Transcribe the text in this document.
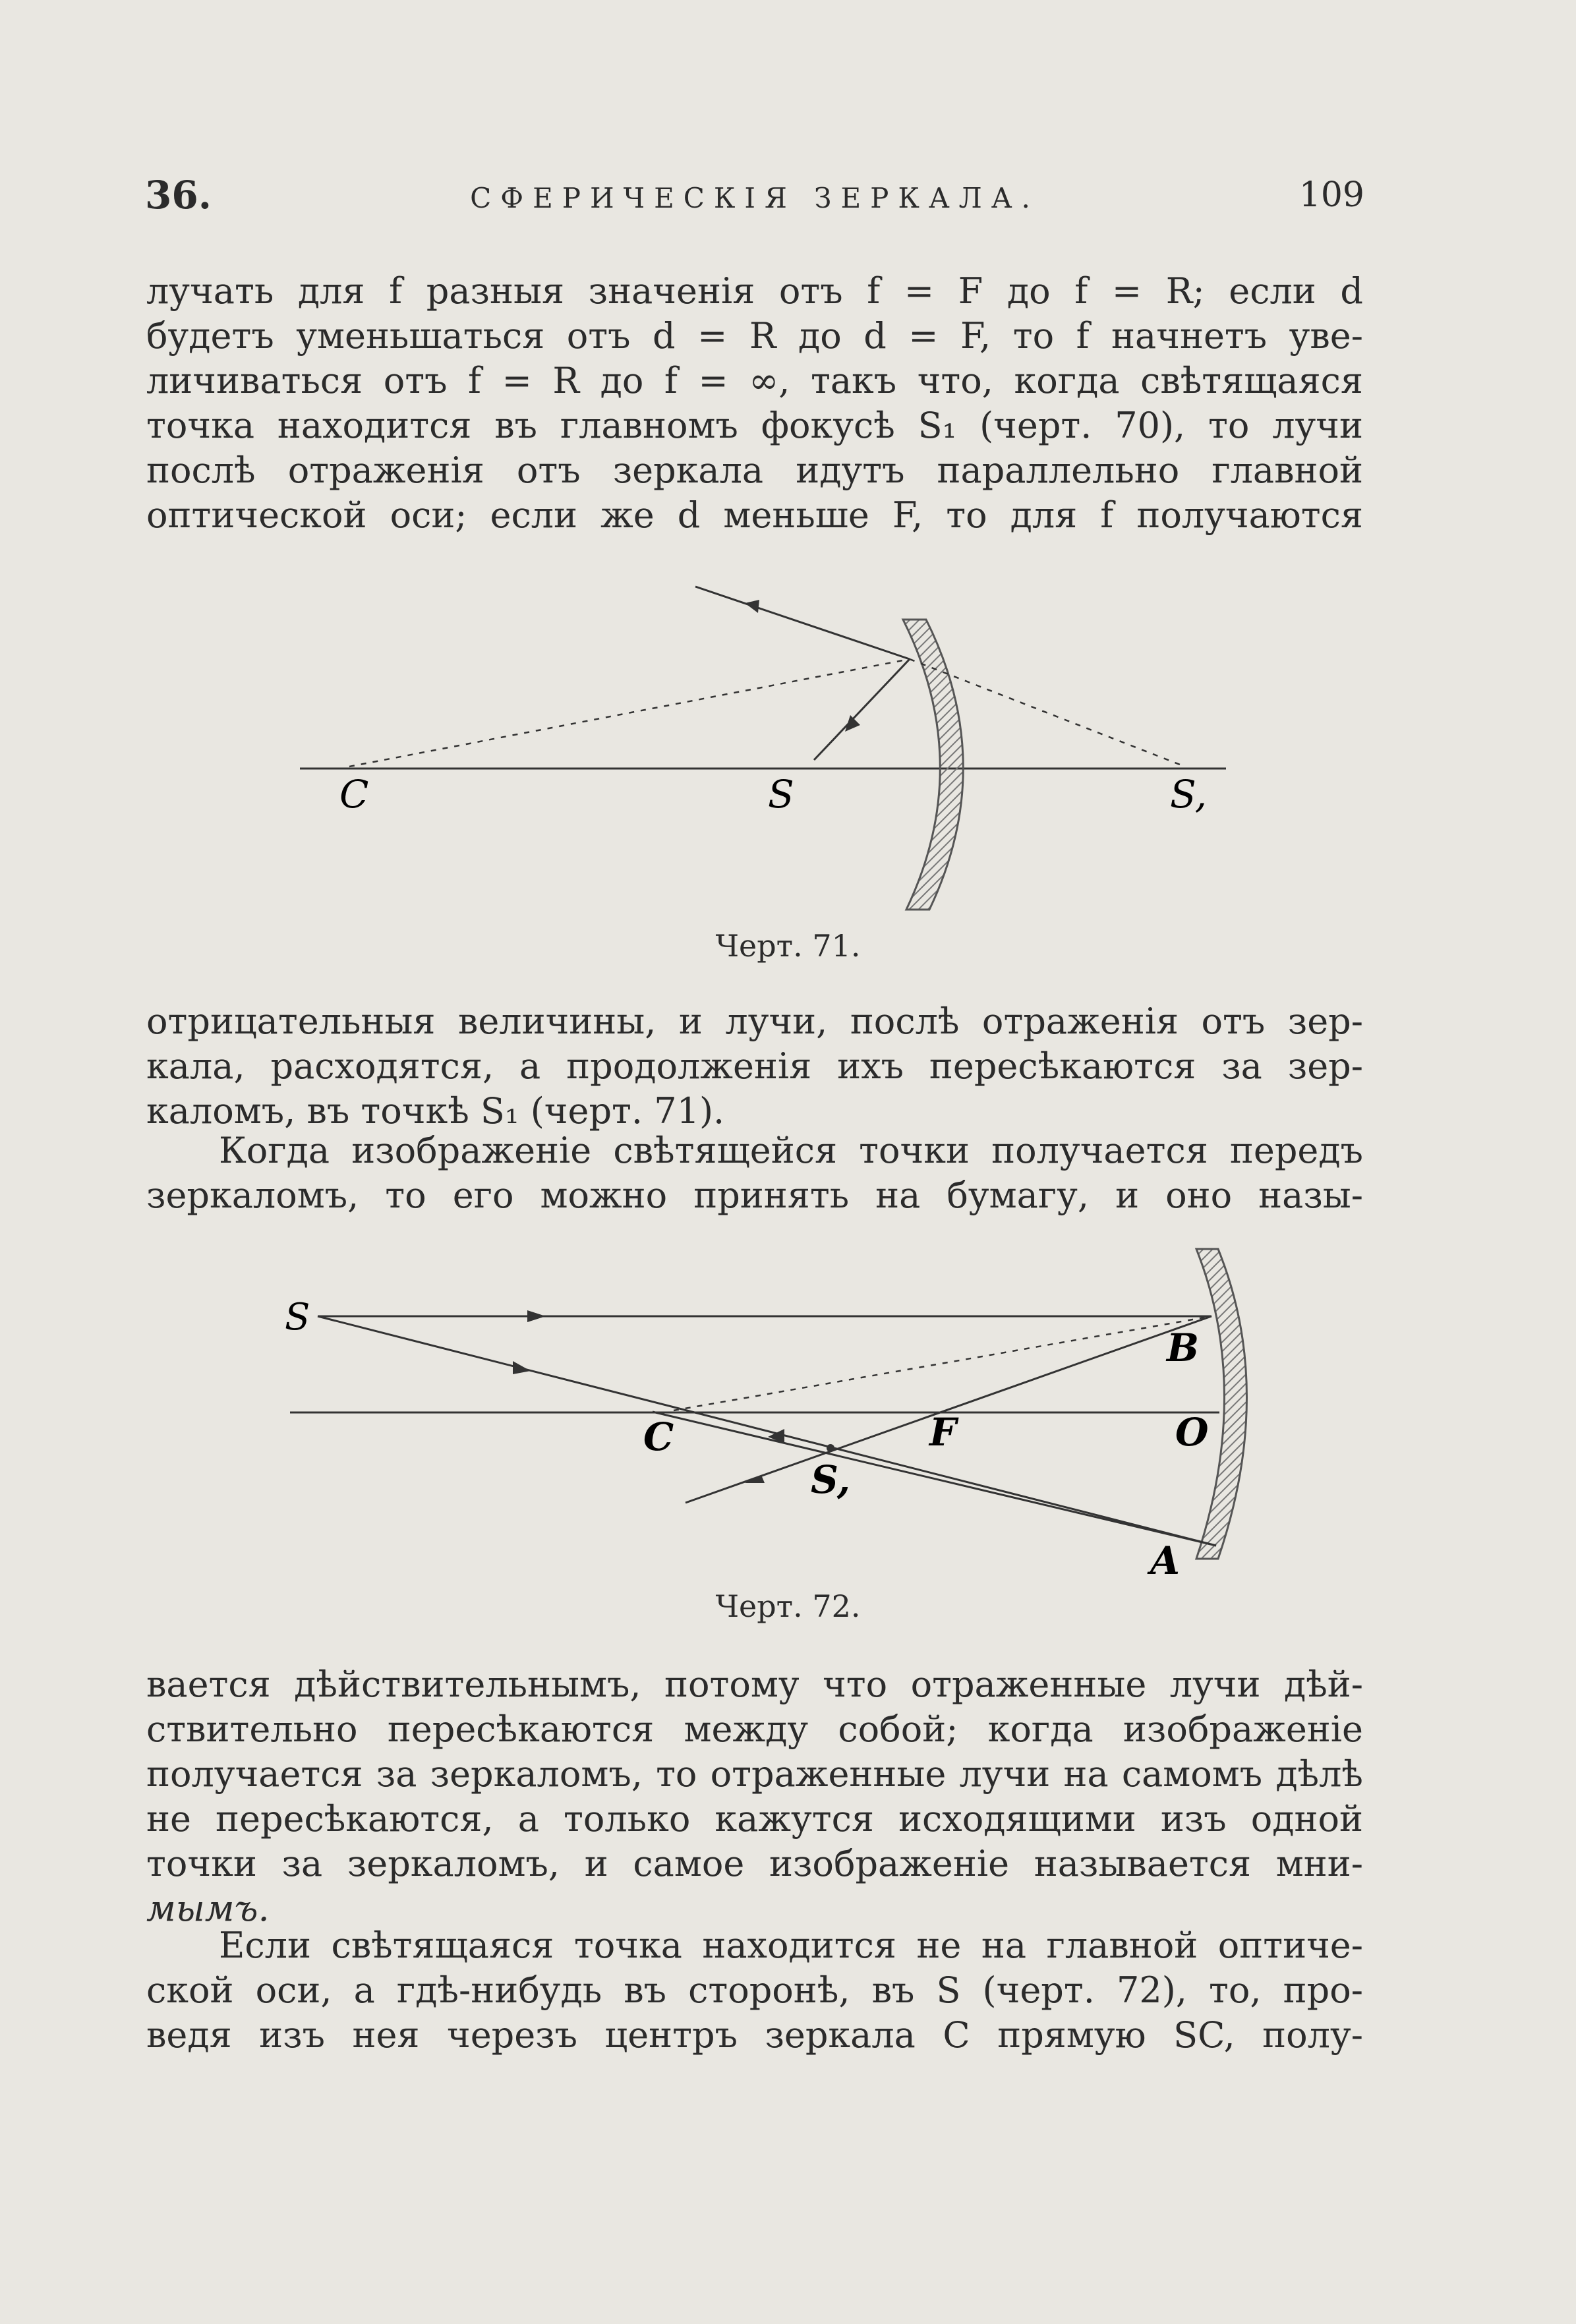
36.	СФЕРИЧЕСКІЯ ЗЕРКАЛА.	109

лучать для f разныя значенія отъ f = F до f = R; если d
будетъ уменьшаться отъ d = R до d = F, то f начнетъ уве-
личиваться отъ f = R до f = ∞, такъ что, когда свѣтящаяся
точка находится въ главномъ фокусѣ S₁ (черт. 70), то лучи
послѣ отраженія отъ зеркала идутъ параллельно главной
оптической оси; если же d меньше F, то для f получаются

C	S	S,
Черт. 71.

отрицательныя величины, и лучи, послѣ отраженія отъ зер-
кала, расходятся, а продолженія ихъ пересѣкаются за зер-
каломъ, въ точкѣ S₁ (черт. 71).

Когда изображеніе свѣтящейся точки получается передъ
зеркаломъ, то его можно принять на бумагу, и оно назы-

S
B
C	F	O
S,
A
Черт. 72.

вается дѣйствительнымъ, потому что отраженные лучи дѣй-
ствительно пересѣкаются между собой; когда изображеніе
получается за зеркаломъ, то отраженные лучи на самомъ дѣлѣ
не пересѣкаются, а только кажутся исходящими изъ одной
точки за зеркаломъ, и самое изображеніе называется мни-
мымъ.

Если свѣтящаяся точка находится не на главной оптиче-
ской оси, а гдѣ-нибудь въ сторонѣ, въ S (черт. 72), то, про-
ведя изъ нея черезъ центръ зеркала C прямую SC, полу-
